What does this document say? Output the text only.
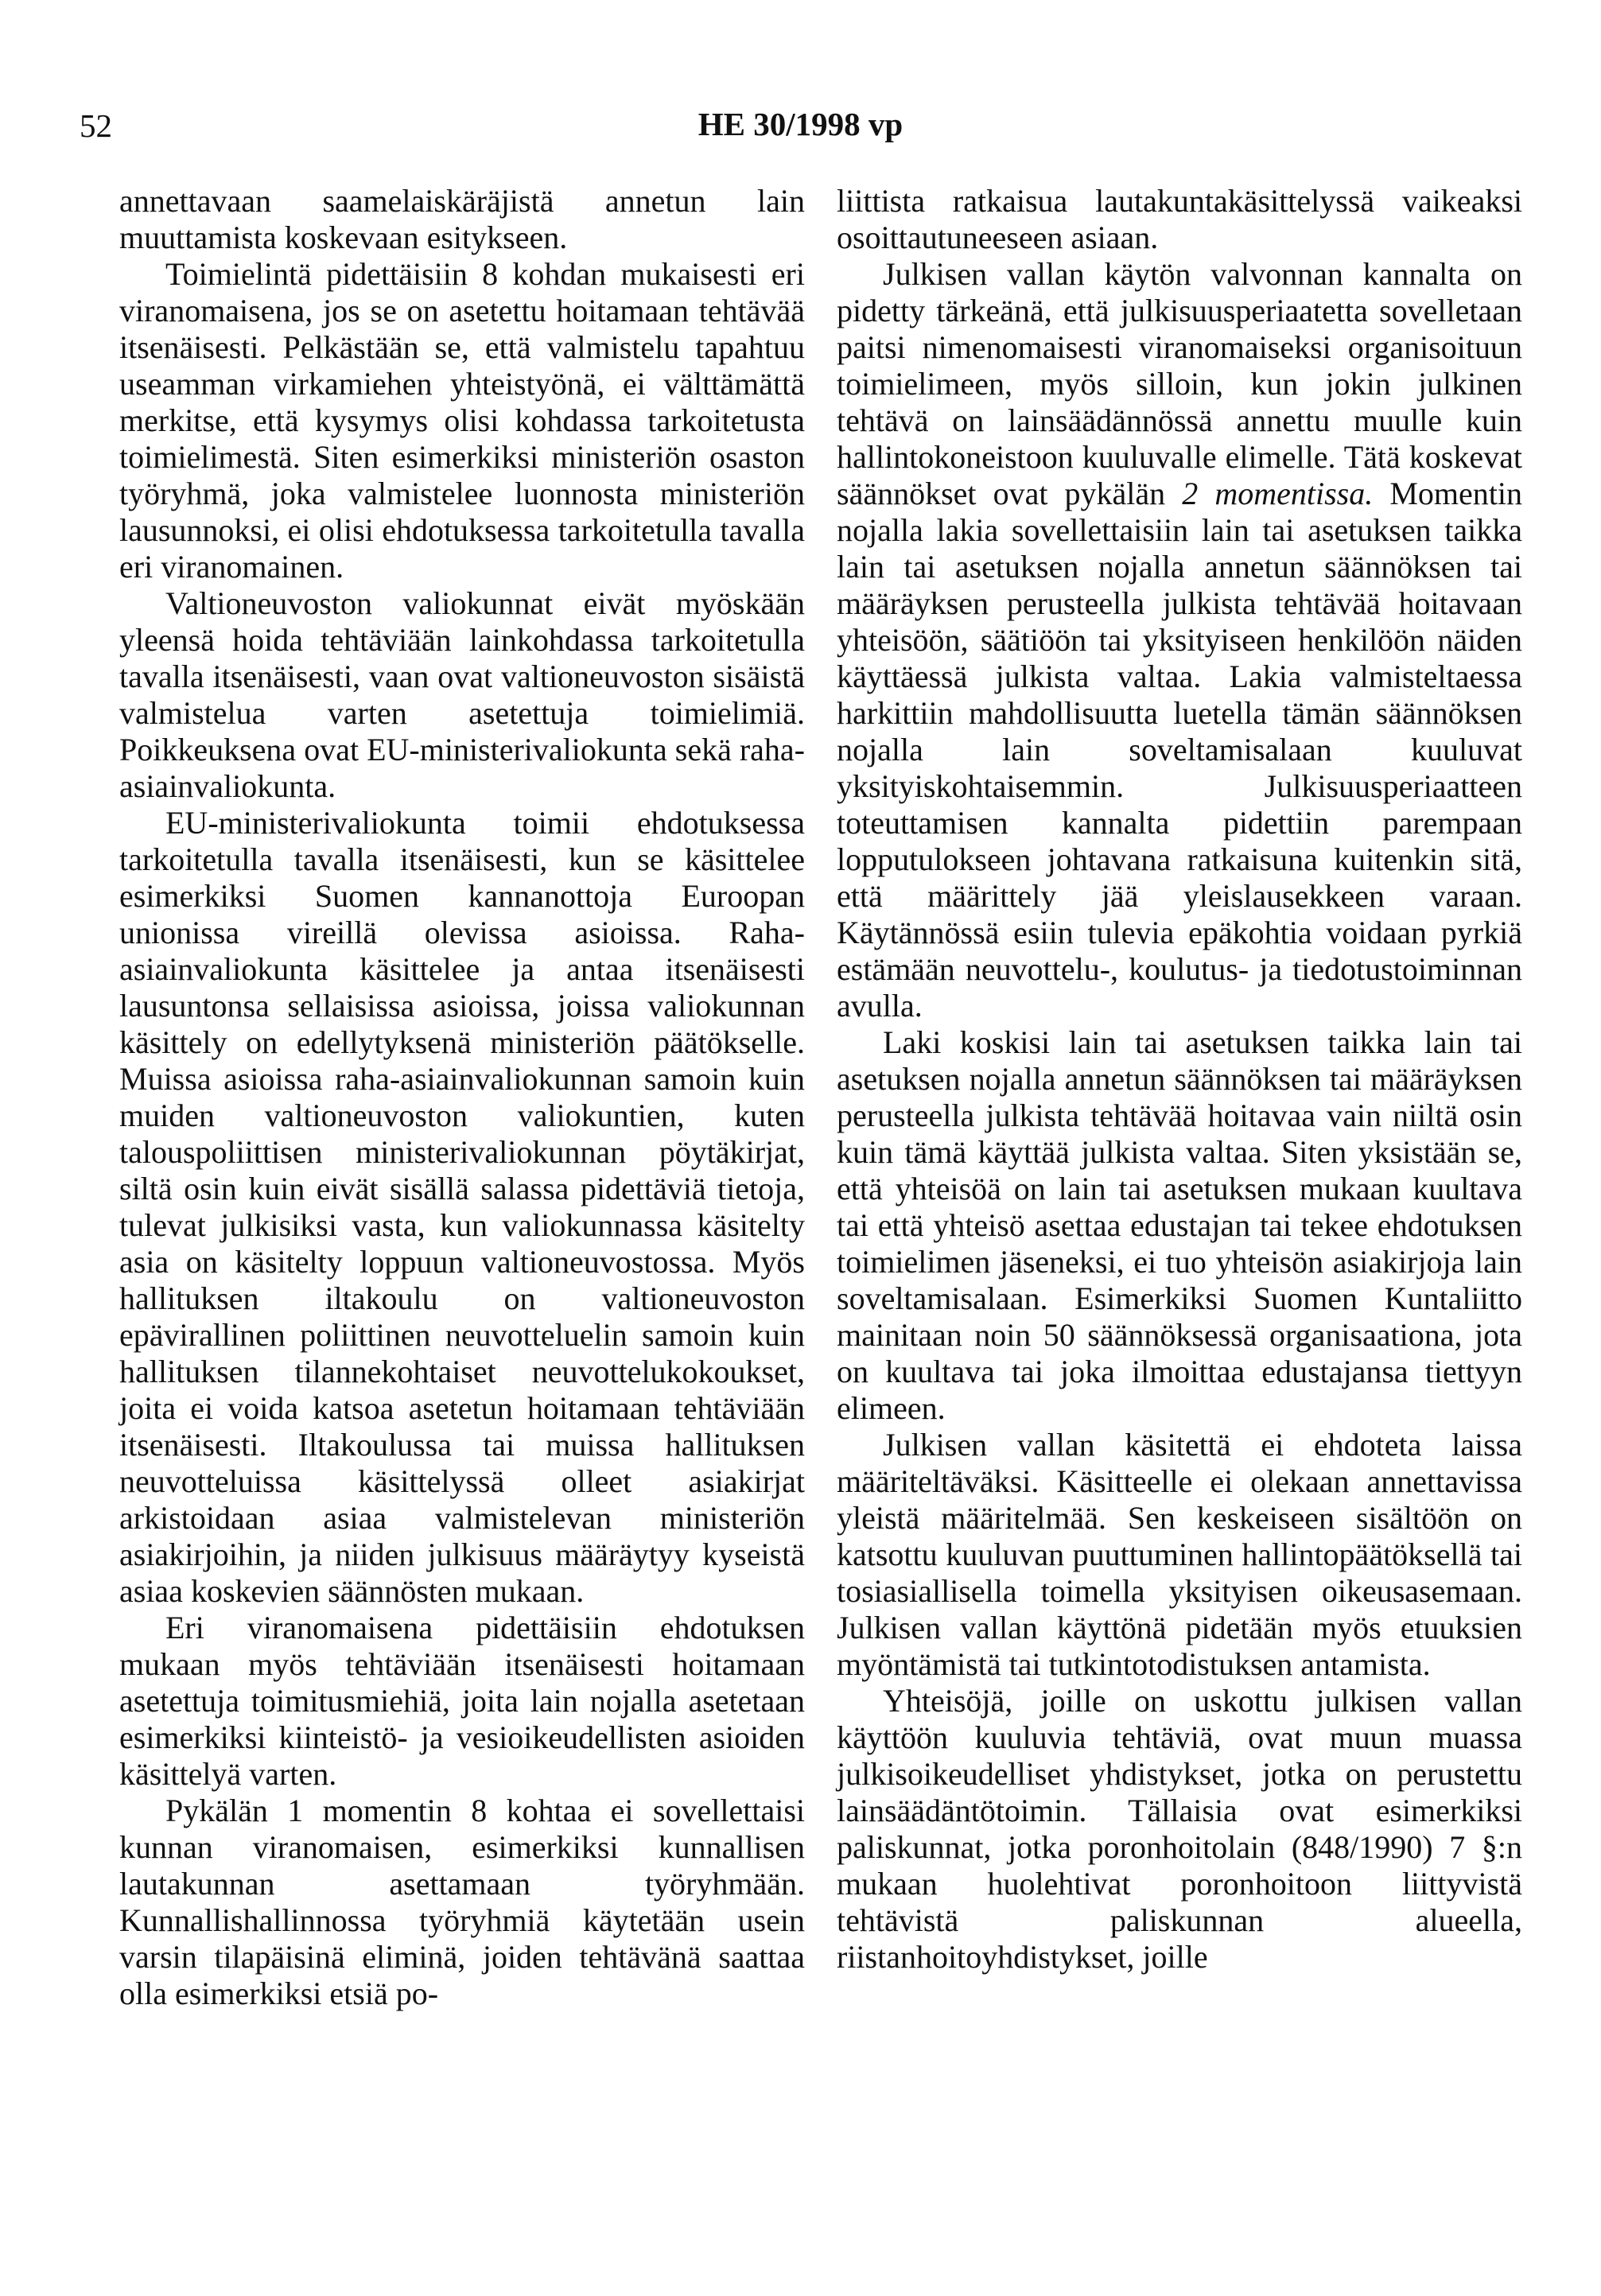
52	HE 30/1998 vp

annettavaan saamelaiskäräjistä annetun lain muuttamista koskevaan esitykseen.

Toimielintä pidettäisiin 8 kohdan mukaisesti eri viranomaisena, jos se on asetettu hoitamaan tehtävää itsenäisesti. Pelkästään se, että valmistelu tapahtuu useamman virkamiehen yhteistyönä, ei välttämättä merkitse, että kysymys olisi kohdassa tarkoitetusta toimielimestä. Siten esimerkiksi ministeriön osaston työryhmä, joka valmistelee luonnosta ministeriön lausunnoksi, ei olisi ehdotuksessa tarkoitetulla tavalla eri viranomainen.

Valtioneuvoston valiokunnat eivät myöskään yleensä hoida tehtäviään lainkohdassa tarkoitetulla tavalla itsenäisesti, vaan ovat valtioneuvoston sisäistä valmistelua varten asetettuja toimielimiä. Poikkeuksena ovat EU-ministerivaliokunta sekä raha-asiainvaliokunta.

EU-ministerivaliokunta toimii ehdotuksessa tarkoitetulla tavalla itsenäisesti, kun se käsittelee esimerkiksi Suomen kannanottoja Euroopan unionissa vireillä olevissa asioissa. Raha-asiainvaliokunta käsittelee ja antaa itsenäisesti lausuntonsa sellaisissa asioissa, joissa valiokunnan käsittely on edellytyksenä ministeriön päätökselle. Muissa asioissa raha-asiainvaliokunnan samoin kuin muiden valtioneuvoston valiokuntien, kuten talouspoliittisen ministerivaliokunnan pöytäkirjat, siltä osin kuin eivät sisällä salassa pidettäviä tietoja, tulevat julkisiksi vasta, kun valiokunnassa käsitelty asia on käsitelty loppuun valtioneuvostossa. Myös hallituksen iltakoulu on valtioneuvoston epävirallinen poliittinen neuvotteluelin samoin kuin hallituksen tilannekohtaiset neuvottelukokoukset, joita ei voida katsoa asetetun hoitamaan tehtäviään itsenäisesti. Iltakoulussa tai muissa hallituksen neuvotteluissa käsittelyssä olleet asiakirjat arkistoidaan asiaa valmistelevan ministeriön asiakirjoihin, ja niiden julkisuus määräytyy kyseistä asiaa koskevien säännösten mukaan.

Eri viranomaisena pidettäisiin ehdotuksen mukaan myös tehtäviään itsenäisesti hoitamaan asetettuja toimitusmiehiä, joita lain nojalla asetetaan esimerkiksi kiinteistö- ja vesioikeudellisten asioiden käsittelyä varten.

Pykälän 1 momentin 8 kohtaa ei sovellettaisi kunnan viranomaisen, esimerkiksi kunnallisen lautakunnan asettamaan työryhmään. Kunnallishallinnossa työryhmiä käytetään usein varsin tilapäisinä eliminä, joiden tehtävänä saattaa olla esimerkiksi etsiä po-

liittista ratkaisua lautakuntakäsittelyssä vaikeaksi osoittautuneeseen asiaan.

Julkisen vallan käytön valvonnan kannalta on pidetty tärkeänä, että julkisuusperiaatetta sovelletaan paitsi nimenomaisesti viranomaiseksi organisoituun toimielimeen, myös silloin, kun jokin julkinen tehtävä on lainsäädännössä annettu muulle kuin hallintokoneistoon kuuluvalle elimelle. Tätä koskevat säännökset ovat pykälän 2 momentissa. Momentin nojalla lakia sovellettaisiin lain tai asetuksen taikka lain tai asetuksen nojalla annetun säännöksen tai määräyksen perusteella julkista tehtävää hoitavaan yhteisöön, säätiöön tai yksityiseen henkilöön näiden käyttäessä julkista valtaa. Lakia valmisteltaessa harkittiin mahdollisuutta luetella tämän säännöksen nojalla lain soveltamisalaan kuuluvat yksityiskohtaisemmin. Julkisuusperiaatteen toteuttamisen kannalta pidettiin parempaan lopputulokseen johtavana ratkaisuna kuitenkin sitä, että määrittely jää yleislausekkeen varaan. Käytännössä esiin tulevia epäkohtia voidaan pyrkiä estämään neuvottelu-, koulutus- ja tiedotustoiminnan avulla.

Laki koskisi lain tai asetuksen taikka lain tai asetuksen nojalla annetun säännöksen tai määräyksen perusteella julkista tehtävää hoitavaa vain niiltä osin kuin tämä käyttää julkista valtaa. Siten yksistään se, että yhteisöä on lain tai asetuksen mukaan kuultava tai että yhteisö asettaa edustajan tai tekee ehdotuksen toimielimen jäseneksi, ei tuo yhteisön asiakirjoja lain soveltamisalaan. Esimerkiksi Suomen Kuntaliitto mainitaan noin 50 säännöksessä organisaationa, jota on kuultava tai joka ilmoittaa edustajansa tiettyyn elimeen.

Julkisen vallan käsitettä ei ehdoteta laissa määriteltäväksi. Käsitteelle ei olekaan annettavissa yleistä määritelmää. Sen keskeiseen sisältöön on katsottu kuuluvan puuttuminen hallintopäätöksellä tai tosiasiallisella toimella yksityisen oikeusasemaan. Julkisen vallan käyttönä pidetään myös etuuksien myöntämistä tai tutkintotodistuksen antamista.

Yhteisöjä, joille on uskottu julkisen vallan käyttöön kuuluvia tehtäviä, ovat muun muassa julkisoikeudelliset yhdistykset, jotka on perustettu lainsäädäntötoimin. Tällaisia ovat esimerkiksi paliskunnat, jotka poronhoitolain (848/1990) 7 §:n mukaan huolehtivat poronhoitoon liittyvistä tehtävistä paliskunnan alueella, riistanhoitoyhdistykset, joille
